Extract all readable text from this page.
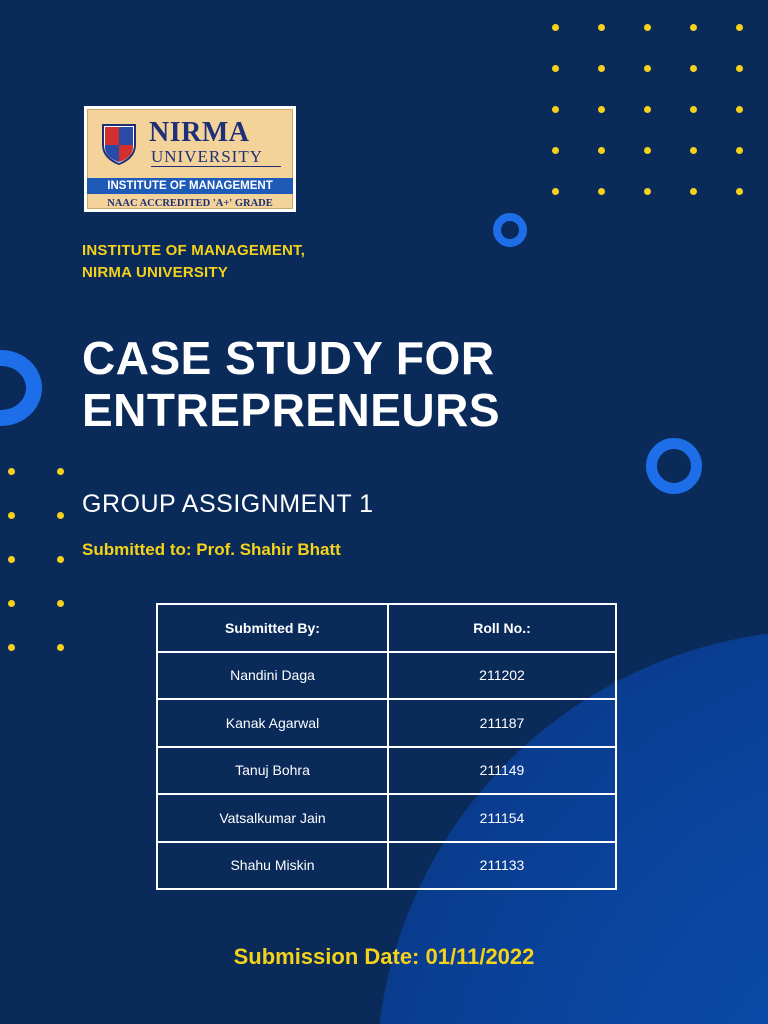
NIRMA
UNIVERSITY
INSTITUTE OF MANAGEMENT
NAAC ACCREDITED 'A+' GRADE
INSTITUTE OF MANAGEMENT,
NIRMA UNIVERSITY
CASE STUDY FOR
ENTREPRENEURS
GROUP ASSIGNMENT 1
Submitted to: Prof. Shahir Bhatt
Submitted By:	Roll No.:
Nandini Daga	211202
Kanak Agarwal	211187
Tanuj Bohra	211149
Vatsalkumar Jain	211154
Shahu Miskin	211133
Submission Date: 01/11/2022
